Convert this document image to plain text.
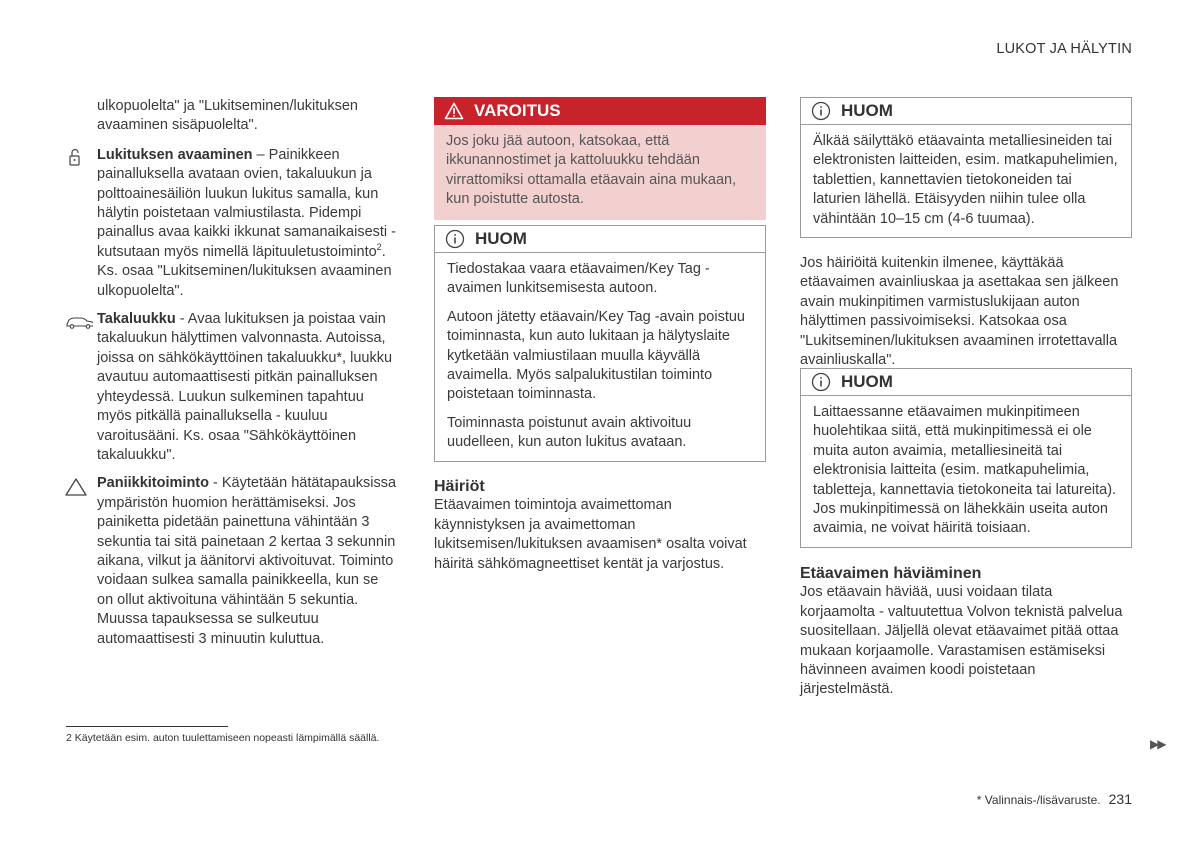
LUKOT JA HÄLYTIN

ulkopuolelta" ja "Lukitseminen/lukituksen avaaminen sisäpuolelta".

Lukituksen avaaminen – Painikkeen painalluksella avataan ovien, takaluukun ja polttoainesäiliön luukun lukitus samalla, kun hälytin poistetaan valmiustilasta. Pidempi painallus avaa kaikki ikkunat samanaikaisesti - kutsutaan myös nimellä läpituuletustoiminto$^2$. Ks. osaa "Lukitseminen/lukituksen avaaminen ulkopuolelta".

Takaluukku - Avaa lukituksen ja poistaa vain takaluukun hälyttimen valvonnasta. Autoissa, joissa on sähkökäyttöinen takaluukku*, luukku avautuu automaattisesti pitkän painalluksen yhteydessä. Luukun sulkeminen tapahtuu myös pitkällä painalluksella - kuuluu varoitusääni. Ks. osaa "Sähkökäyttöinen takaluukku".

Paniikkitoiminto - Käytetään hätätapauksissa ympäristön huomion herättämiseksi. Jos painiketta pidetään painettuna vähintään 3 sekuntia tai sitä painetaan 2 kertaa 3 sekunnin aikana, vilkut ja äänitorvi aktivoituvat. Toiminto voidaan sulkea samalla painikkeella, kun se on ollut aktivoituna vähintään 5 sekuntia. Muussa tapauksessa se sulkeutuu automaattisesti 3 minuutin kuluttua.

VAROITUS

Jos joku jää autoon, katsokaa, että ikkunannostimet ja kattoluukku tehdään virrattomiksi ottamalla etäavain aina mukaan, kun poistutte autosta.

HUOM

Tiedostakaa vaara etäavaimen/Key Tag -avaimen lunkitsemisesta autoon.

Autoon jätetty etäavain/Key Tag -avain poistuu toiminnasta, kun auto lukitaan ja hälytyslaite kytketään valmiustilaan muulla käyvällä avaimella. Myös salpalukitustilan toiminto poistetaan toiminnasta.

Toiminnasta poistunut avain aktivoituu uudelleen, kun auton lukitus avataan.

Häiriöt

Etäavaimen toimintoja avaimettoman käynnistyksen ja avaimettoman lukitsemisen/lukituksen avaamisen* osalta voivat häiritä sähkömagneettiset kentät ja varjostus.

HUOM

Älkää säilyttäkö etäavainta metalliesineiden tai elektronisten laitteiden, esim. matkapuhelimien, tablettien, kannettavien tietokoneiden tai laturien lähellä. Etäisyyden niihin tulee olla vähintään 10–15 cm (4-6 tuumaa).

Jos häiriöitä kuitenkin ilmenee, käyttäkää etäavaimen avainliuskaa ja asettakaa sen jälkeen avain mukinpitimen varmistuslukijaan auton hälyttimen passivoimiseksi. Katsokaa osa "Lukitseminen/lukituksen avaaminen irrotettavalla avainliuskalla".

HUOM

Laittaessanne etäavaimen mukinpitimeen huolehtikaa siitä, että mukinpitimessä ei ole muita auton avaimia, metalliesineitä tai elektronisia laitteita (esim. matkapuhelimia, tabletteja, kannettavia tietokoneita tai latureita). Jos mukinpitimessä on lähekkäin useita auton avaimia, ne voivat häiritä toisiaan.

Etäavaimen häviäminen

Jos etäavain häviää, uusi voidaan tilata korjaamolta - valtuutettua Volvon teknistä palvelua suositellaan. Jäljellä olevat etäavaimet pitää ottaa mukaan korjaamolle. Varastamisen estämiseksi hävinneen avaimen koodi poistetaan järjestelmästä.

2 Käytetään esim. auton tuulettamiseen nopeasti lämpimällä säällä.	▶▶
* Valinnais-/lisävaruste. 231
